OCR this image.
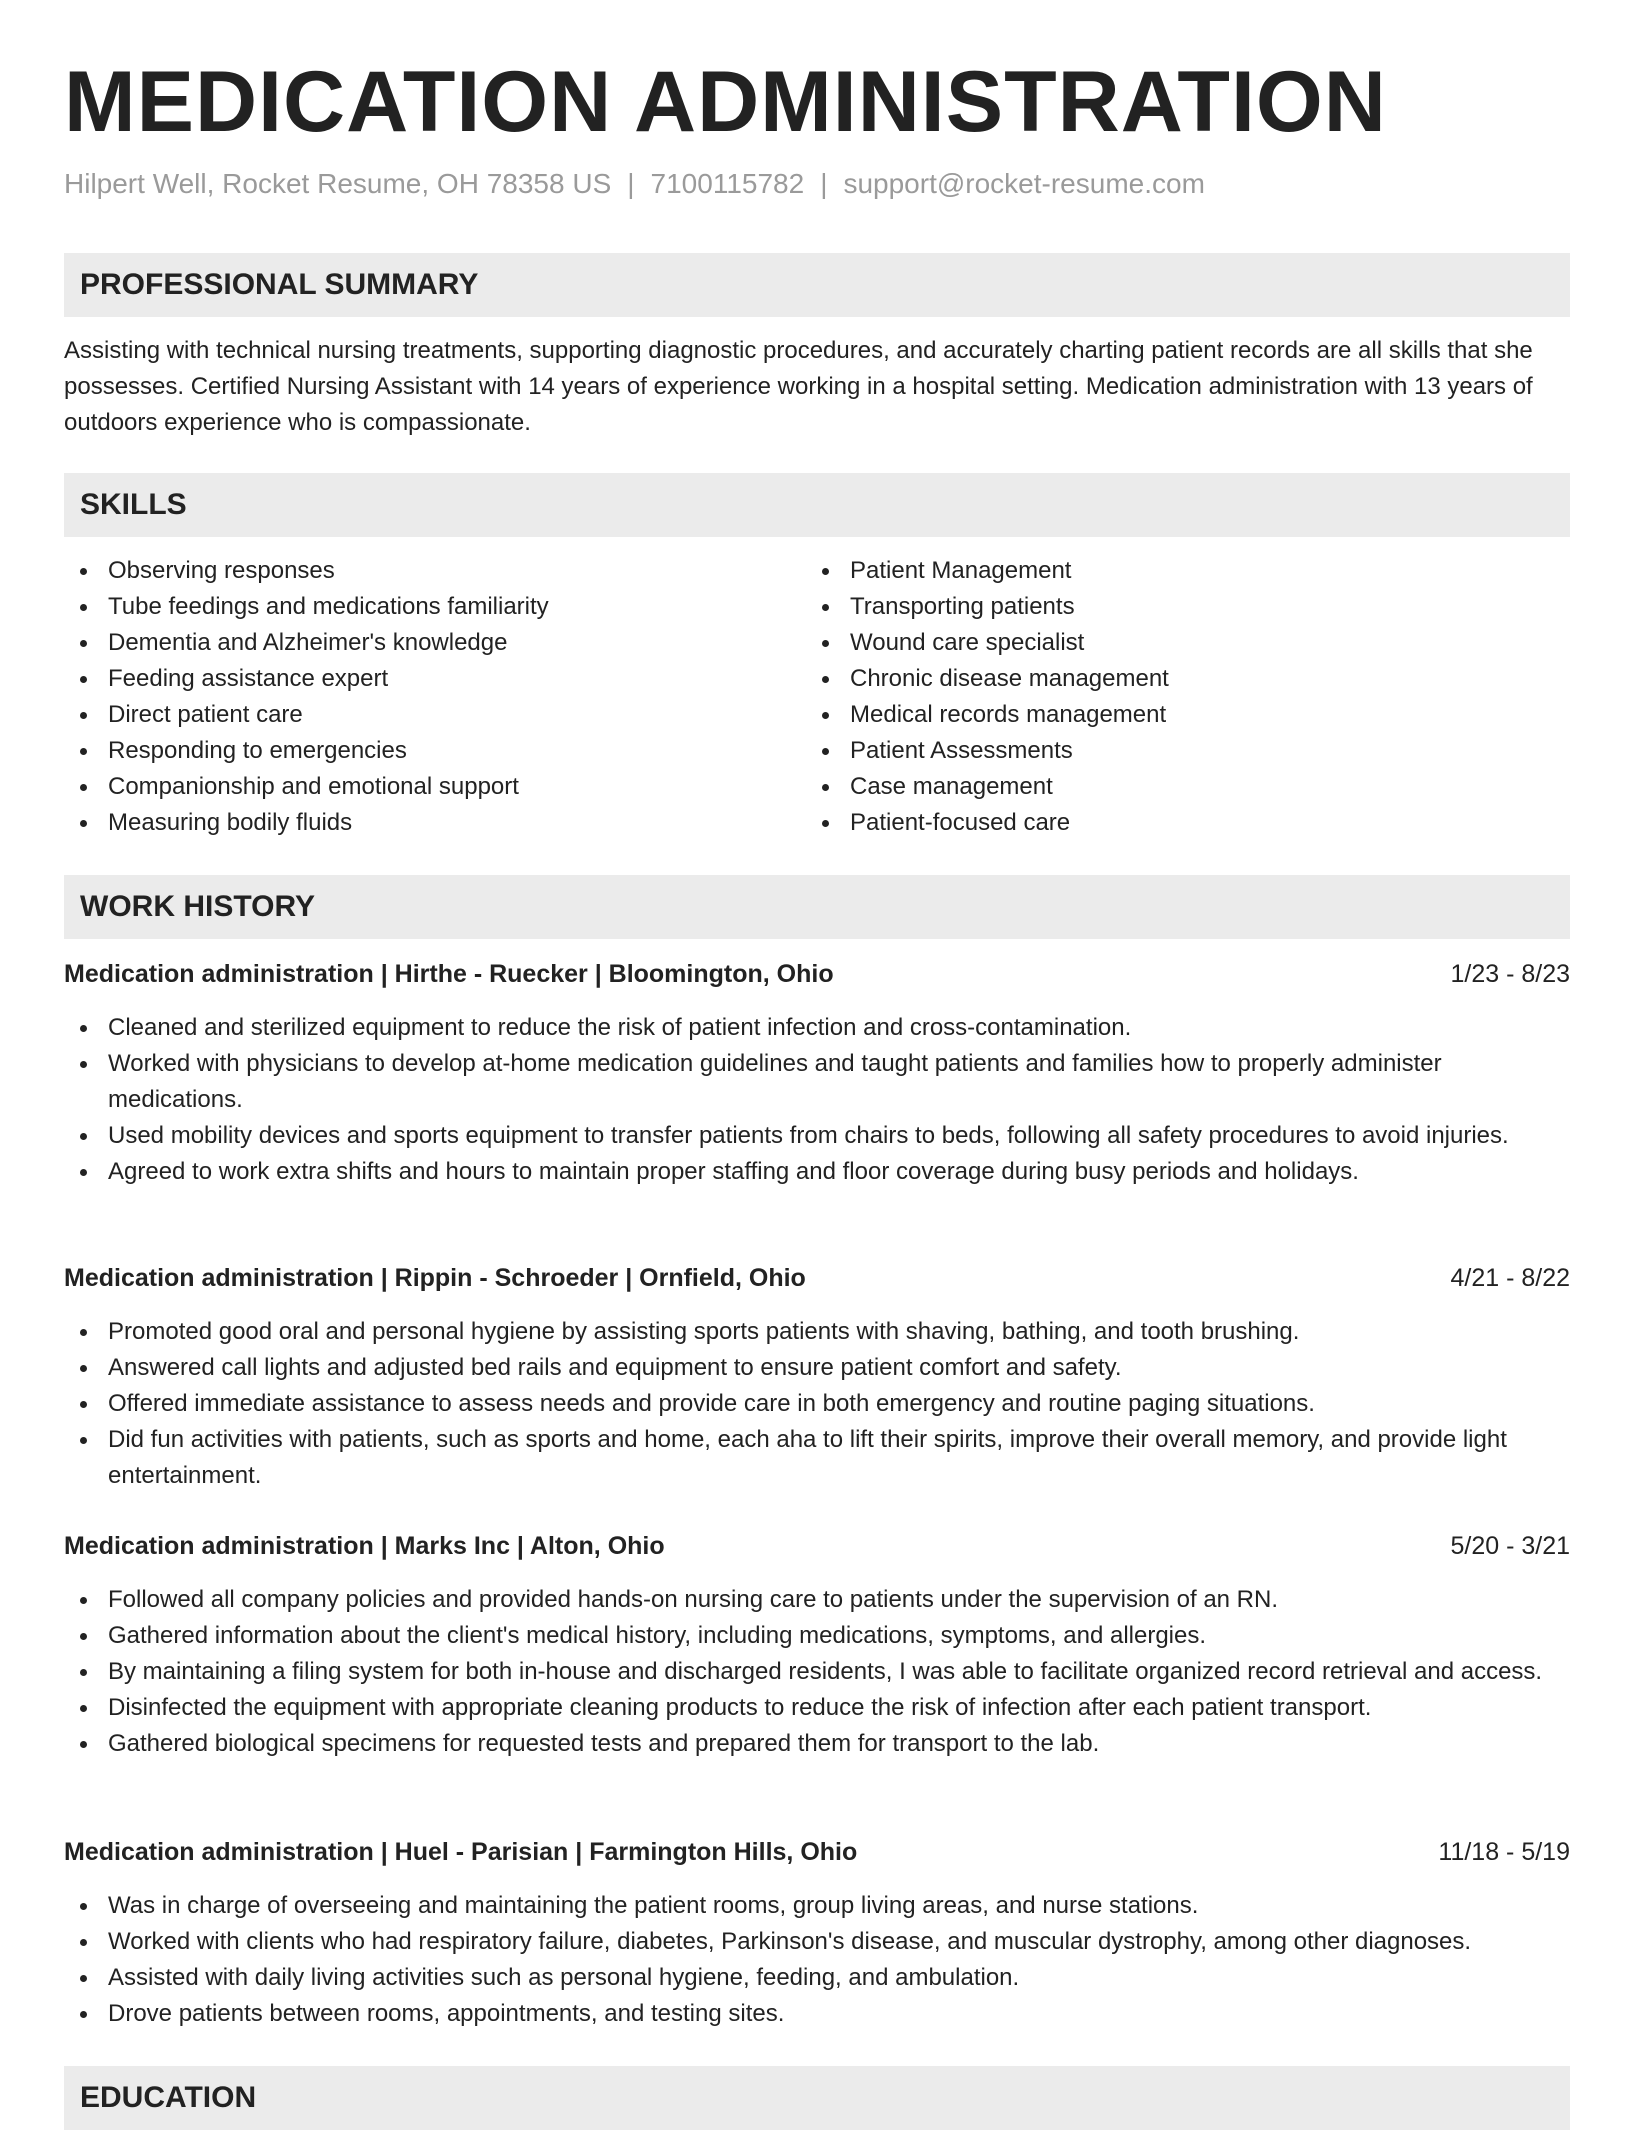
MEDICATION ADMINISTRATION
Hilpert Well, Rocket Resume, OH 78358 US | 7100115782 | support@rocket-resume.com
PROFESSIONAL SUMMARY

Assisting with technical nursing treatments, supporting diagnostic procedures, and accurately charting patient records are all skills that she possesses. Certified Nursing Assistant with 14 years of experience working in a hospital setting. Medication administration with 13 years of outdoors experience who is compassionate.

SKILLS
Observing responses
Tube feedings and medications familiarity
Dementia and Alzheimer's knowledge
Feeding assistance expert
Direct patient care
Responding to emergencies
Companionship and emotional support
Measuring bodily fluids
Patient Management
Transporting patients
Wound care specialist
Chronic disease management
Medical records management
Patient Assessments
Case management
Patient-focused care
WORK HISTORY
Medication administration | Hirthe - Ruecker | Bloomington, Ohio	1/23 - 8/23
Cleaned and sterilized equipment to reduce the risk of patient infection and cross-contamination.
Worked with physicians to develop at-home medication guidelines and taught patients and families how to properly administer medications.
Used mobility devices and sports equipment to transfer patients from chairs to beds, following all safety procedures to avoid injuries.
Agreed to work extra shifts and hours to maintain proper staffing and floor coverage during busy periods and holidays.
Medication administration | Rippin - Schroeder | Ornfield, Ohio	4/21 - 8/22
Promoted good oral and personal hygiene by assisting sports patients with shaving, bathing, and tooth brushing.
Answered call lights and adjusted bed rails and equipment to ensure patient comfort and safety.
Offered immediate assistance to assess needs and provide care in both emergency and routine paging situations.
Did fun activities with patients, such as sports and home, each aha to lift their spirits, improve their overall memory, and provide light entertainment.
Medication administration | Marks Inc | Alton, Ohio	5/20 - 3/21
Followed all company policies and provided hands-on nursing care to patients under the supervision of an RN.
Gathered information about the client's medical history, including medications, symptoms, and allergies.
By maintaining a filing system for both in-house and discharged residents, I was able to facilitate organized record retrieval and access.
Disinfected the equipment with appropriate cleaning products to reduce the risk of infection after each patient transport.
Gathered biological specimens for requested tests and prepared them for transport to the lab.
Medication administration | Huel - Parisian | Farmington Hills, Ohio	11/18 - 5/19
Was in charge of overseeing and maintaining the patient rooms, group living areas, and nurse stations.
Worked with clients who had respiratory failure, diabetes, Parkinson's disease, and muscular dystrophy, among other diagnoses.
Assisted with daily living activities such as personal hygiene, feeding, and ambulation.
Drove patients between rooms, appointments, and testing sites.
EDUCATION
